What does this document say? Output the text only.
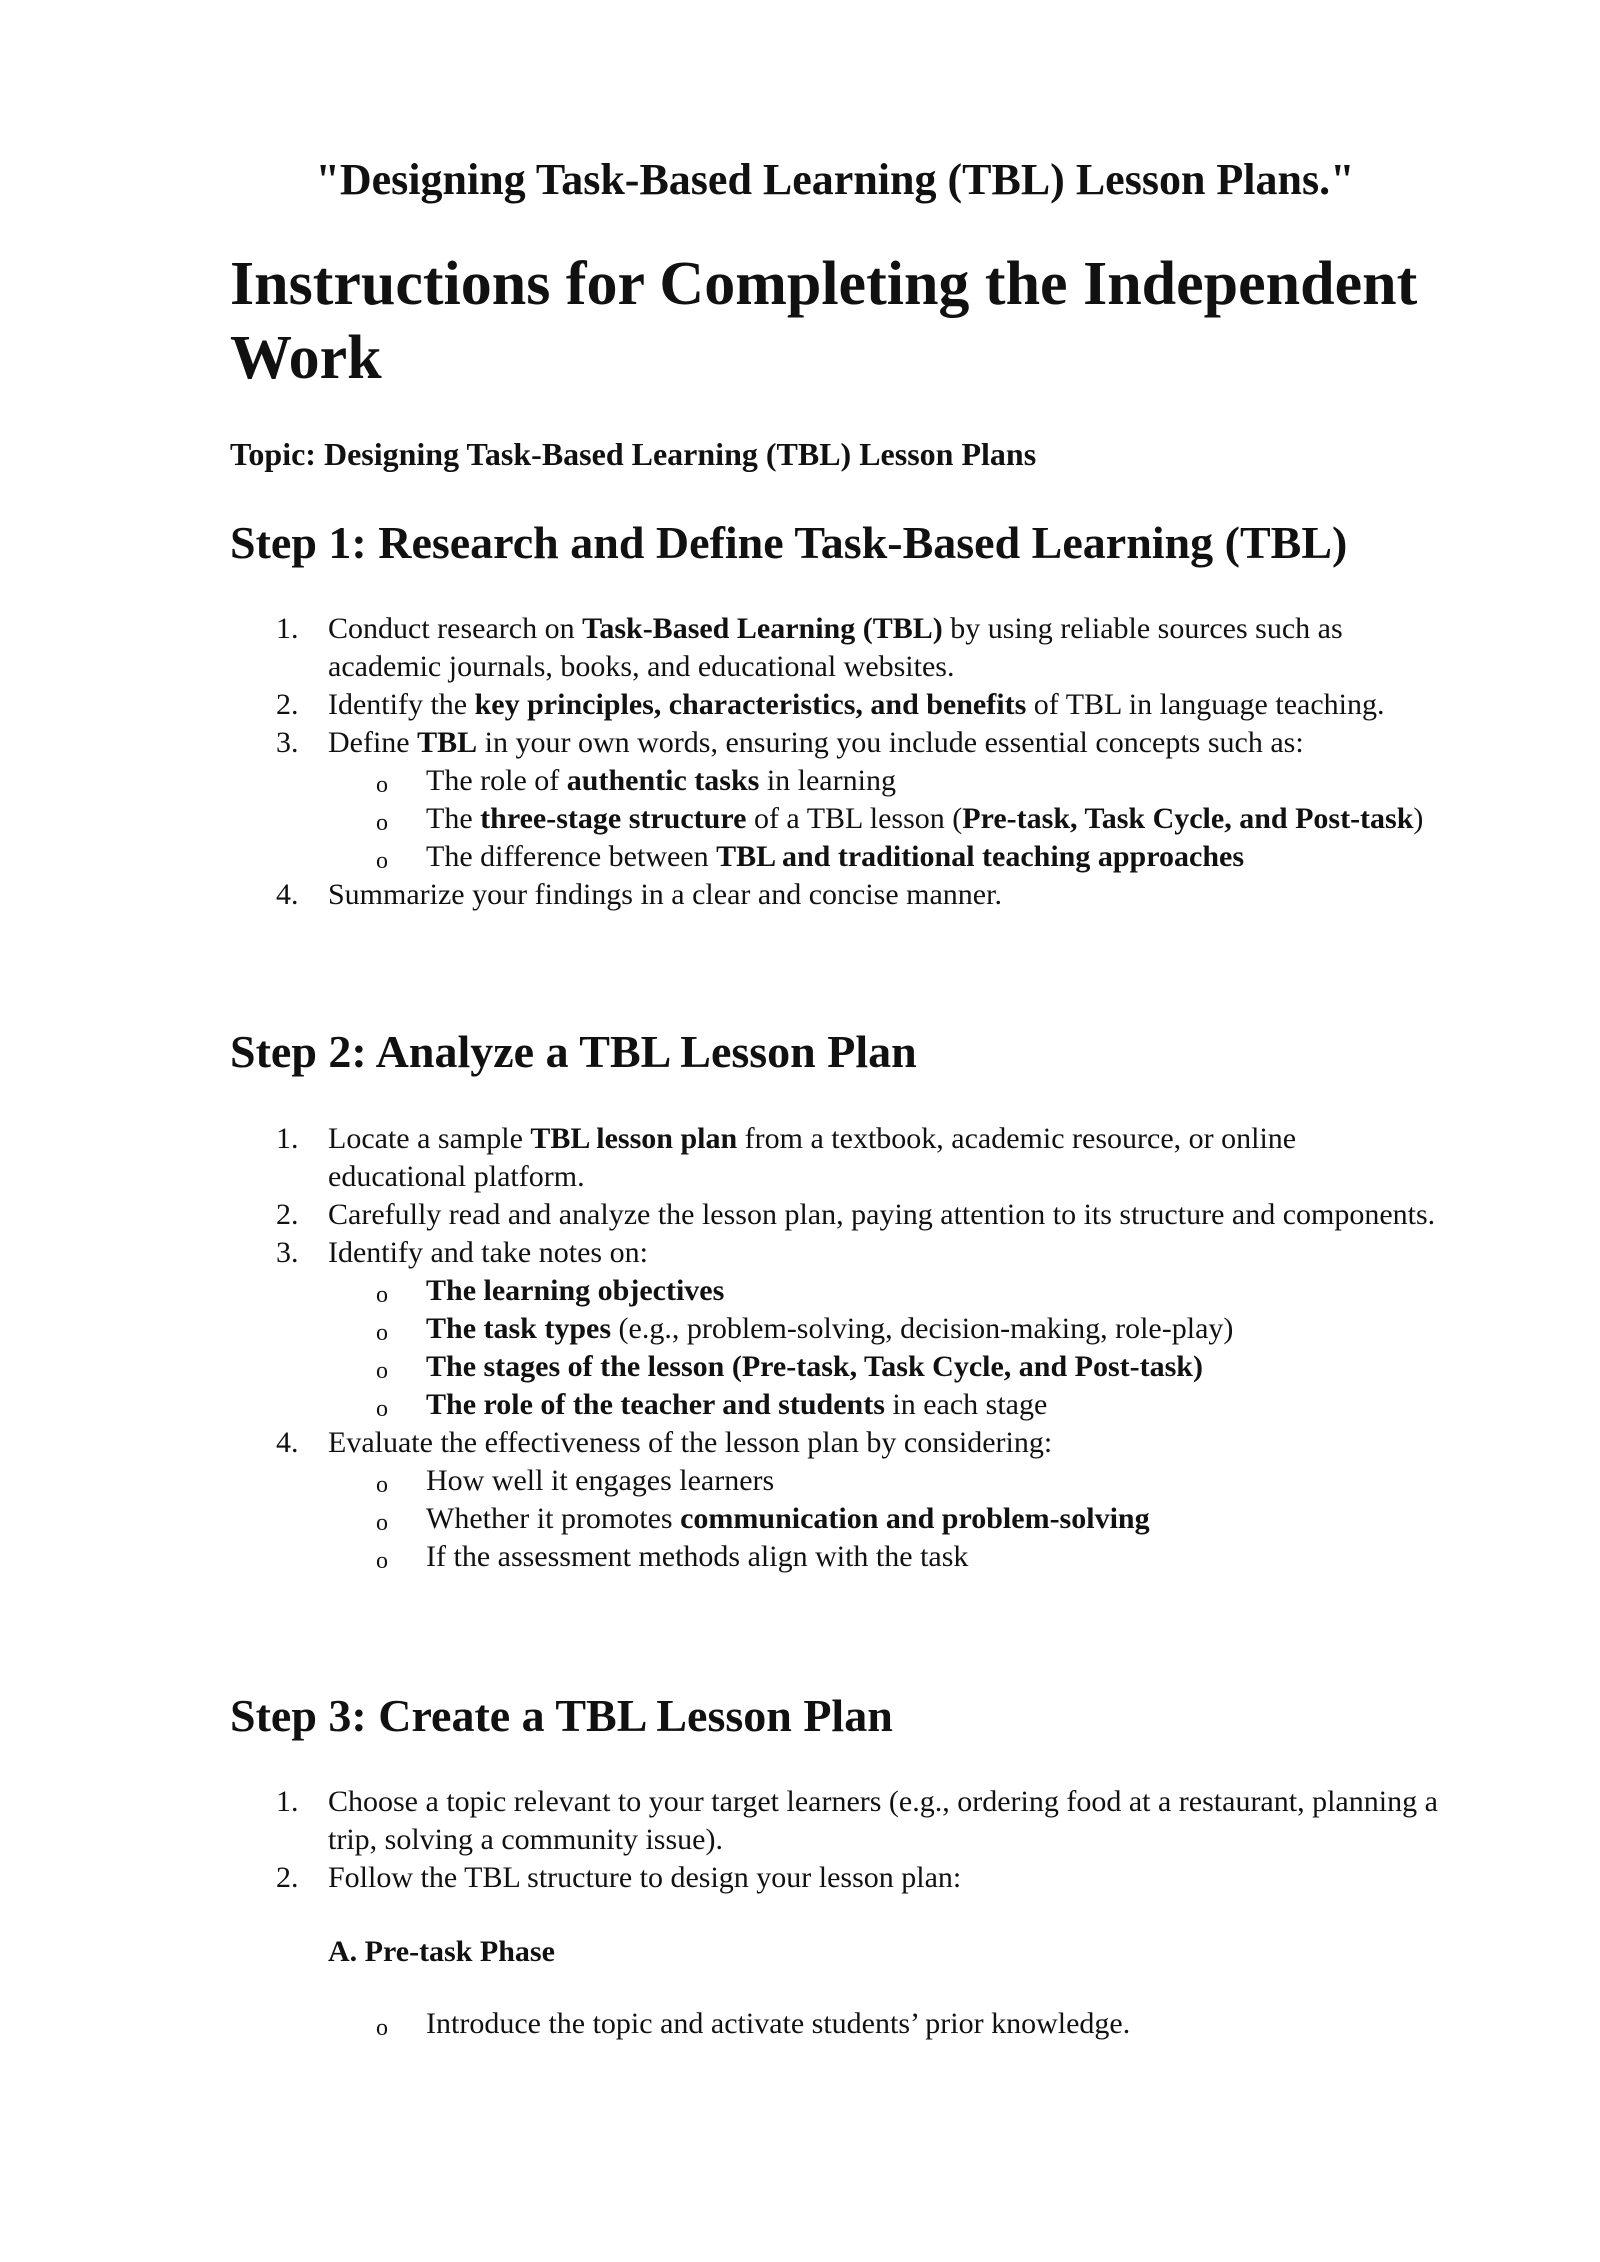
"Designing Task-Based Learning (TBL) Lesson Plans."
Instructions for Completing the Independent Work
Topic: Designing Task-Based Learning (TBL) Lesson Plans
Step 1: Research and Define Task-Based Learning (TBL)
1. Conduct research on Task-Based Learning (TBL) by using reliable sources such as academic journals, books, and educational websites.
2. Identify the key principles, characteristics, and benefits of TBL in language teaching.
3. Define TBL in your own words, ensuring you include essential concepts such as:
o The role of authentic tasks in learning
o The three-stage structure of a TBL lesson (Pre-task, Task Cycle, and Post-task)
o The difference between TBL and traditional teaching approaches
4. Summarize your findings in a clear and concise manner.
Step 2: Analyze a TBL Lesson Plan
1. Locate a sample TBL lesson plan from a textbook, academic resource, or online educational platform.
2. Carefully read and analyze the lesson plan, paying attention to its structure and components.
3. Identify and take notes on:
o The learning objectives
o The task types (e.g., problem-solving, decision-making, role-play)
o The stages of the lesson (Pre-task, Task Cycle, and Post-task)
o The role of the teacher and students in each stage
4. Evaluate the effectiveness of the lesson plan by considering:
o How well it engages learners
o Whether it promotes communication and problem-solving
o If the assessment methods align with the task
Step 3: Create a TBL Lesson Plan
1. Choose a topic relevant to your target learners (e.g., ordering food at a restaurant, planning a trip, solving a community issue).
2. Follow the TBL structure to design your lesson plan:
A. Pre-task Phase
o Introduce the topic and activate students’ prior knowledge.
